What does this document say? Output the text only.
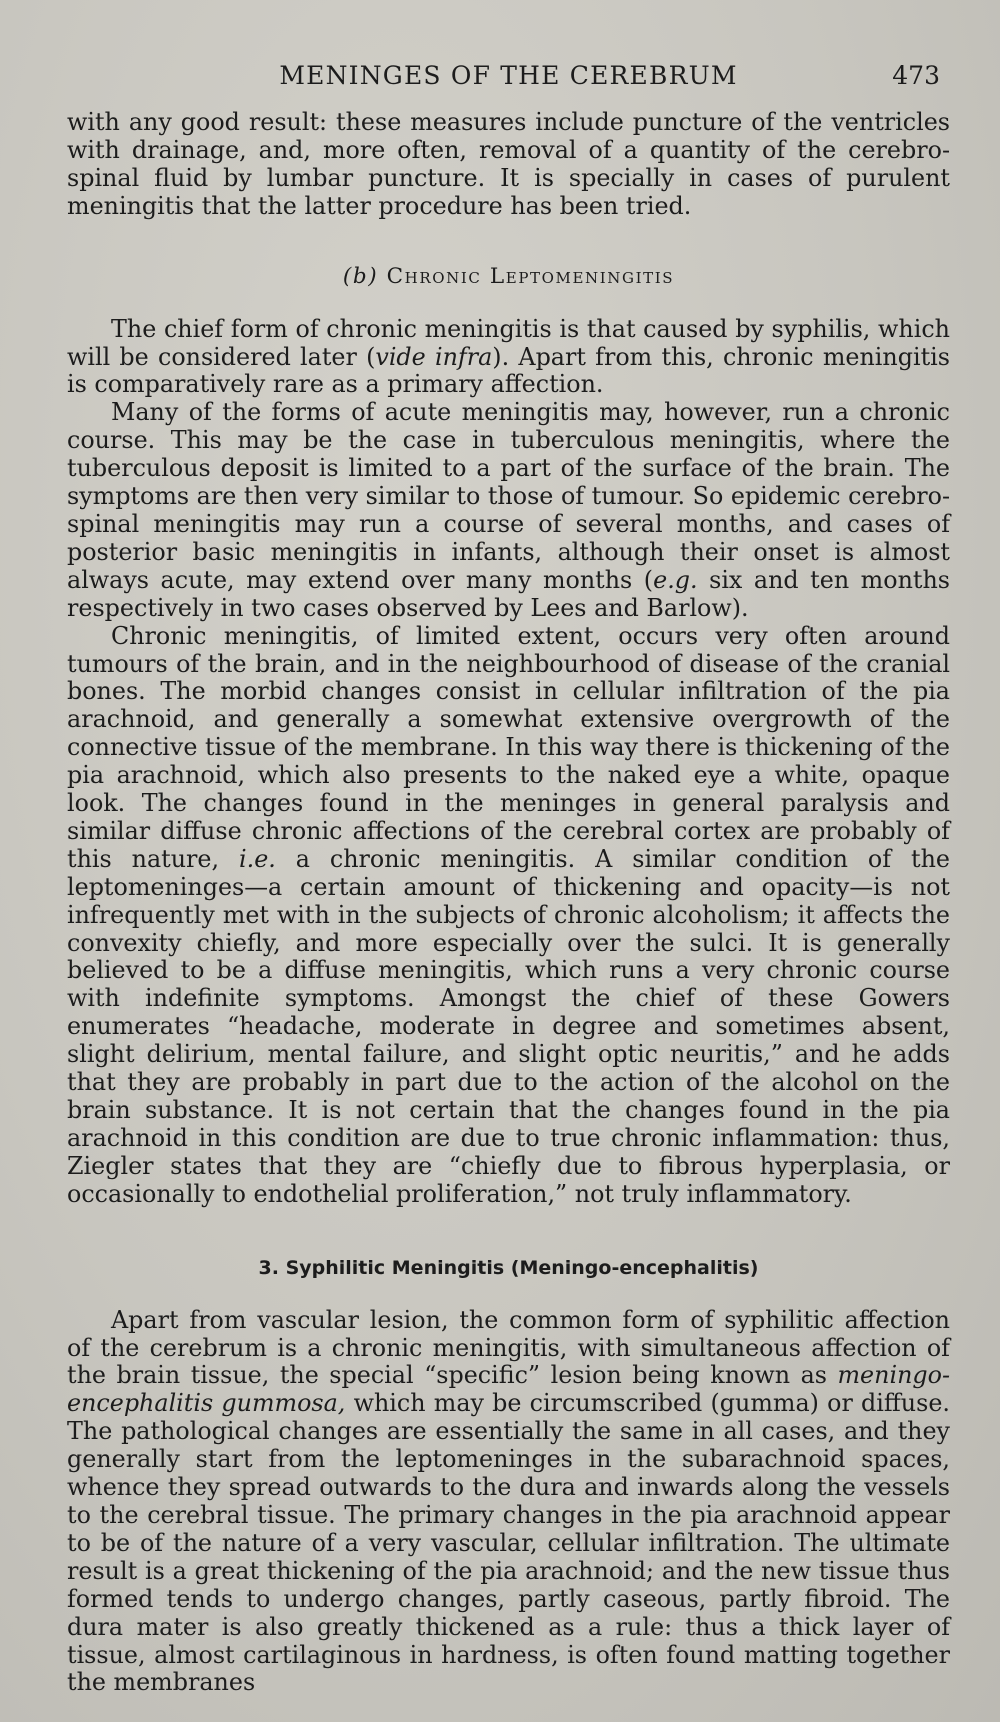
MENINGES OF THE CEREBRUM	473

with any good result: these measures include puncture of the ventricles with drainage, and, more often, removal of a quantity of the cerebro-spinal fluid by lumbar puncture. It is specially in cases of purulent meningitis that the latter procedure has been tried.

(b) Chronic Leptomeningitis

The chief form of chronic meningitis is that caused by syphilis, which will be considered later (vide infra). Apart from this, chronic meningitis is comparatively rare as a primary affection.

Many of the forms of acute meningitis may, however, run a chronic course. This may be the case in tuberculous meningitis, where the tuberculous deposit is limited to a part of the surface of the brain. The symptoms are then very similar to those of tumour. So epidemic cerebro-spinal meningitis may run a course of several months, and cases of posterior basic meningitis in infants, although their onset is almost always acute, may extend over many months (e.g. six and ten months respectively in two cases observed by Lees and Barlow).

Chronic meningitis, of limited extent, occurs very often around tumours of the brain, and in the neighbourhood of disease of the cranial bones. The morbid changes consist in cellular infiltration of the pia arachnoid, and generally a somewhat extensive overgrowth of the connective tissue of the membrane. In this way there is thickening of the pia arachnoid, which also presents to the naked eye a white, opaque look. The changes found in the meninges in general paralysis and similar diffuse chronic affections of the cerebral cortex are probably of this nature, i.e. a chronic meningitis. A similar condition of the leptomeninges—a certain amount of thickening and opacity—is not infrequently met with in the subjects of chronic alcoholism; it affects the convexity chiefly, and more especially over the sulci. It is generally believed to be a diffuse meningitis, which runs a very chronic course with indefinite symptoms. Amongst the chief of these Gowers enumerates “headache, moderate in degree and sometimes absent, slight delirium, mental failure, and slight optic neuritis,” and he adds that they are probably in part due to the action of the alcohol on the brain substance. It is not certain that the changes found in the pia arachnoid in this condition are due to true chronic inflammation: thus, Ziegler states that they are “chiefly due to fibrous hyperplasia, or occasionally to endothelial proliferation,” not truly inflammatory.

3. Syphilitic Meningitis (Meningo-encephalitis)

Apart from vascular lesion, the common form of syphilitic affection of the cerebrum is a chronic meningitis, with simultaneous affection of the brain tissue, the special “specific” lesion being known as meningo-encephalitis gummosa, which may be circumscribed (gumma) or diffuse. The pathological changes are essentially the same in all cases, and they generally start from the leptomeninges in the subarachnoid spaces, whence they spread outwards to the dura and inwards along the vessels to the cerebral tissue. The primary changes in the pia arachnoid appear to be of the nature of a very vascular, cellular infiltration. The ultimate result is a great thickening of the pia arachnoid; and the new tissue thus formed tends to undergo changes, partly caseous, partly fibroid. The dura mater is also greatly thickened as a rule: thus a thick layer of tissue, almost cartilaginous in hardness, is often found matting together the membranes
